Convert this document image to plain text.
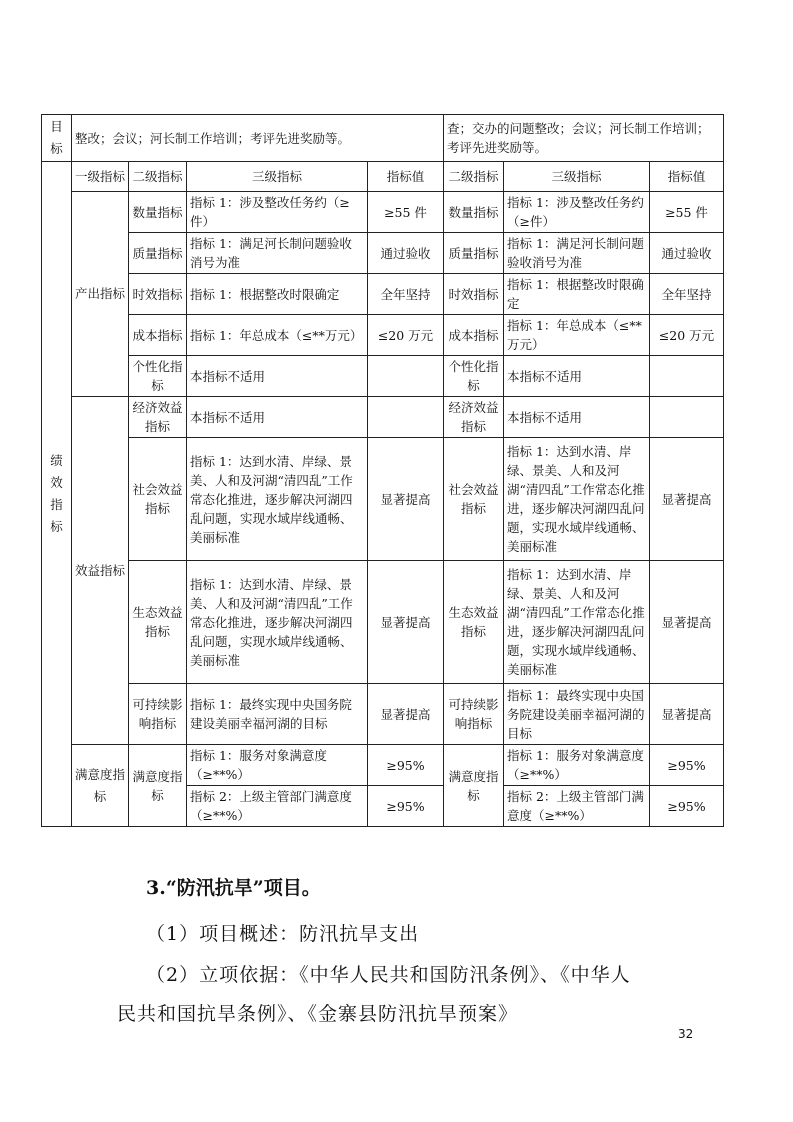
目标	整改；会议；河长制工作培训；考评先进奖励等。				查；交办的问题整改；会议；河长制工作培训；考评先进奖励等。		
绩效指标	一级指标	二级指标	三级指标	指标值	二级指标	三级指标	指标值
	产出指标	数量指标	指标 1：涉及整改任务约（≥件）	≥55 件	数量指标	指标 1：涉及整改任务约（≥件）	≥55 件
		质量指标	指标 1：满足河长制问题验收消号为准	通过验收	质量指标	指标 1：满足河长制问题验收消号为准	通过验收
		时效指标	指标 1：根据整改时限确定	全年坚持	时效指标	指标 1：根据整改时限确定	全年坚持
		成本指标	指标 1：年总成本（≤**万元）	≤20 万元	成本指标	指标 1：年总成本（≤**万元）	≤20 万元
		个性化指标	本指标不适用		个性化指标	本指标不适用	
	效益指标	经济效益指标	本指标不适用		经济效益指标	本指标不适用	
		社会效益指标	指标 1：达到水清、岸绿、景美、人和及河湖“清四乱”工作常态化推进，逐步解决河湖四乱问题，实现水域岸线通畅、美丽标准	显著提高	社会效益指标	指标 1：达到水清、岸绿、景美、人和及河湖“清四乱”工作常态化推进，逐步解决河湖四乱问题，实现水域岸线通畅、美丽标准	显著提高
		生态效益指标	指标 1：达到水清、岸绿、景美、人和及河湖“清四乱”工作常态化推进，逐步解决河湖四乱问题，实现水域岸线通畅、美丽标准	显著提高	生态效益指标	指标 1：达到水清、岸绿、景美、人和及河湖“清四乱”工作常态化推进，逐步解决河湖四乱问题，实现水域岸线通畅、美丽标准	显著提高
		可持续影响指标	指标 1：最终实现中央国务院建设美丽幸福河湖的目标	显著提高	可持续影响指标	指标 1：最终实现中央国务院建设美丽幸福河湖的目标	显著提高
	满意度指标	满意度指标	指标 1：服务对象满意度（≥**%）	≥95%	满意度指标	指标 1：服务对象满意度（≥**%）	≥95%
			指标 2：上级主管部门满意度（≥**%）	≥95%		指标 2：上级主管部门满意度（≥**%）	≥95%
3.“防汛抗旱”项目。
（1）项目概述：防汛抗旱支出
（2）立项依据：《中华人民共和国防汛条例》、《中华人
民共和国抗旱条例》、《金寨县防汛抗旱预案》
32
